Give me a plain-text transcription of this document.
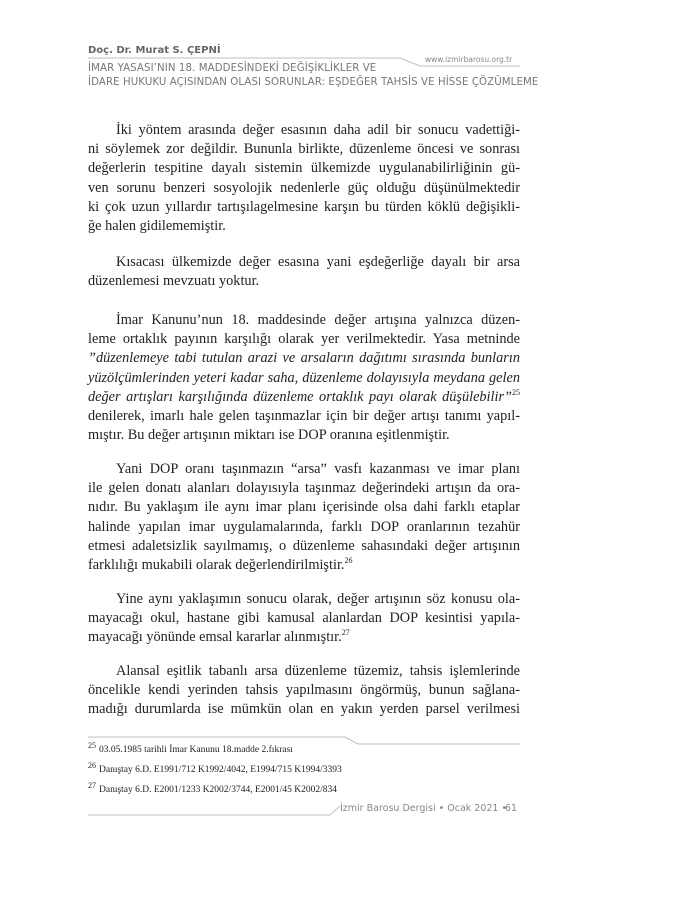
Doç. Dr. Murat S. ÇEPNİ
www.izmirbarosu.org.tr
İMAR YASASI’NIN 18. MADDESİNDEKİ DEĞİŞİKLİKLER VE
İDARE HUKUKU AÇISINDAN OLASI SORUNLAR: EŞDEĞER TAHSİS VE HİSSE ÇÖZÜMLEME
İki yöntem arasında değer esasının daha adil bir sonucu vadettiği-
ni söylemek zor değildir. Bununla birlikte, düzenleme öncesi ve sonrası
değerlerin tespitine dayalı sistemin ülkemizde uygulanabilirliğinin gü-
ven sorunu benzeri sosyolojik nedenlerle güç olduğu düşünülmektedir
ki çok uzun yıllardır tartışılagelmesine karşın bu türden köklü değişikli-
ğe halen gidilememiştir.
Kısacası ülkemizde değer esasına yani eşdeğerliğe dayalı bir arsa
düzenlemesi mevzuatı yoktur.
İmar Kanunu’nun 18. maddesinde değer artışına yalnızca düzen-
leme ortaklık payının karşılığı olarak yer verilmektedir. Yasa metninde
”düzenlemeye tabi tutulan arazi ve arsaların dağıtımı sırasında bunların
yüzölçümlerinden yeteri kadar saha, düzenleme dolayısıyla meydana gelen
değer artışları karşılığında düzenleme ortaklık payı olarak düşülebilir”$^{25}$
denilerek, imarlı hale gelen taşınmazlar için bir değer artışı tanımı yapıl-
mıştır. Bu değer artışının miktarı ise DOP oranına eşitlenmiştir.
Yani DOP oranı taşınmazın “arsa” vasfı kazanması ve imar planı
ile gelen donatı alanları dolayısıyla taşınmaz değerindeki artışın da ora-
nıdır. Bu yaklaşım ile aynı imar planı içerisinde olsa dahi farklı etaplar
halinde yapılan imar uygulamalarında, farklı DOP oranlarının tezahür
etmesi adaletsizlik sayılmamış, o düzenleme sahasındaki değer artışının
farklılığı mukabili olarak değerlendirilmiştir.$^{26}$
Yine aynı yaklaşımın sonucu olarak, değer artışının söz konusu ola-
mayacağı okul, hastane gibi kamusal alanlardan DOP kesintisi yapıla-
mayacağı yönünde emsal kararlar alınmıştır.$^{27}$
Alansal eşitlik tabanlı arsa düzenleme tüzemiz, tahsis işlemlerinde
öncelikle kendi yerinden tahsis yapılmasını öngörmüş, bunun sağlana-
madığı durumlarda ise mümkün olan en yakın yerden parsel verilmesi
$^{25}$ 03.05.1985 tarihli İmar Kanunu 18.madde 2.fıkrası
$^{26}$ Danıştay 6.D. E1991/712 K1992/4042, E1994/715 K1994/3393
$^{27}$ Danıştay 6.D. E2001/1233 K2002/3744, E2001/45 K2002/834
İzmir Barosu Dergisi • Ocak 2021 •
61
